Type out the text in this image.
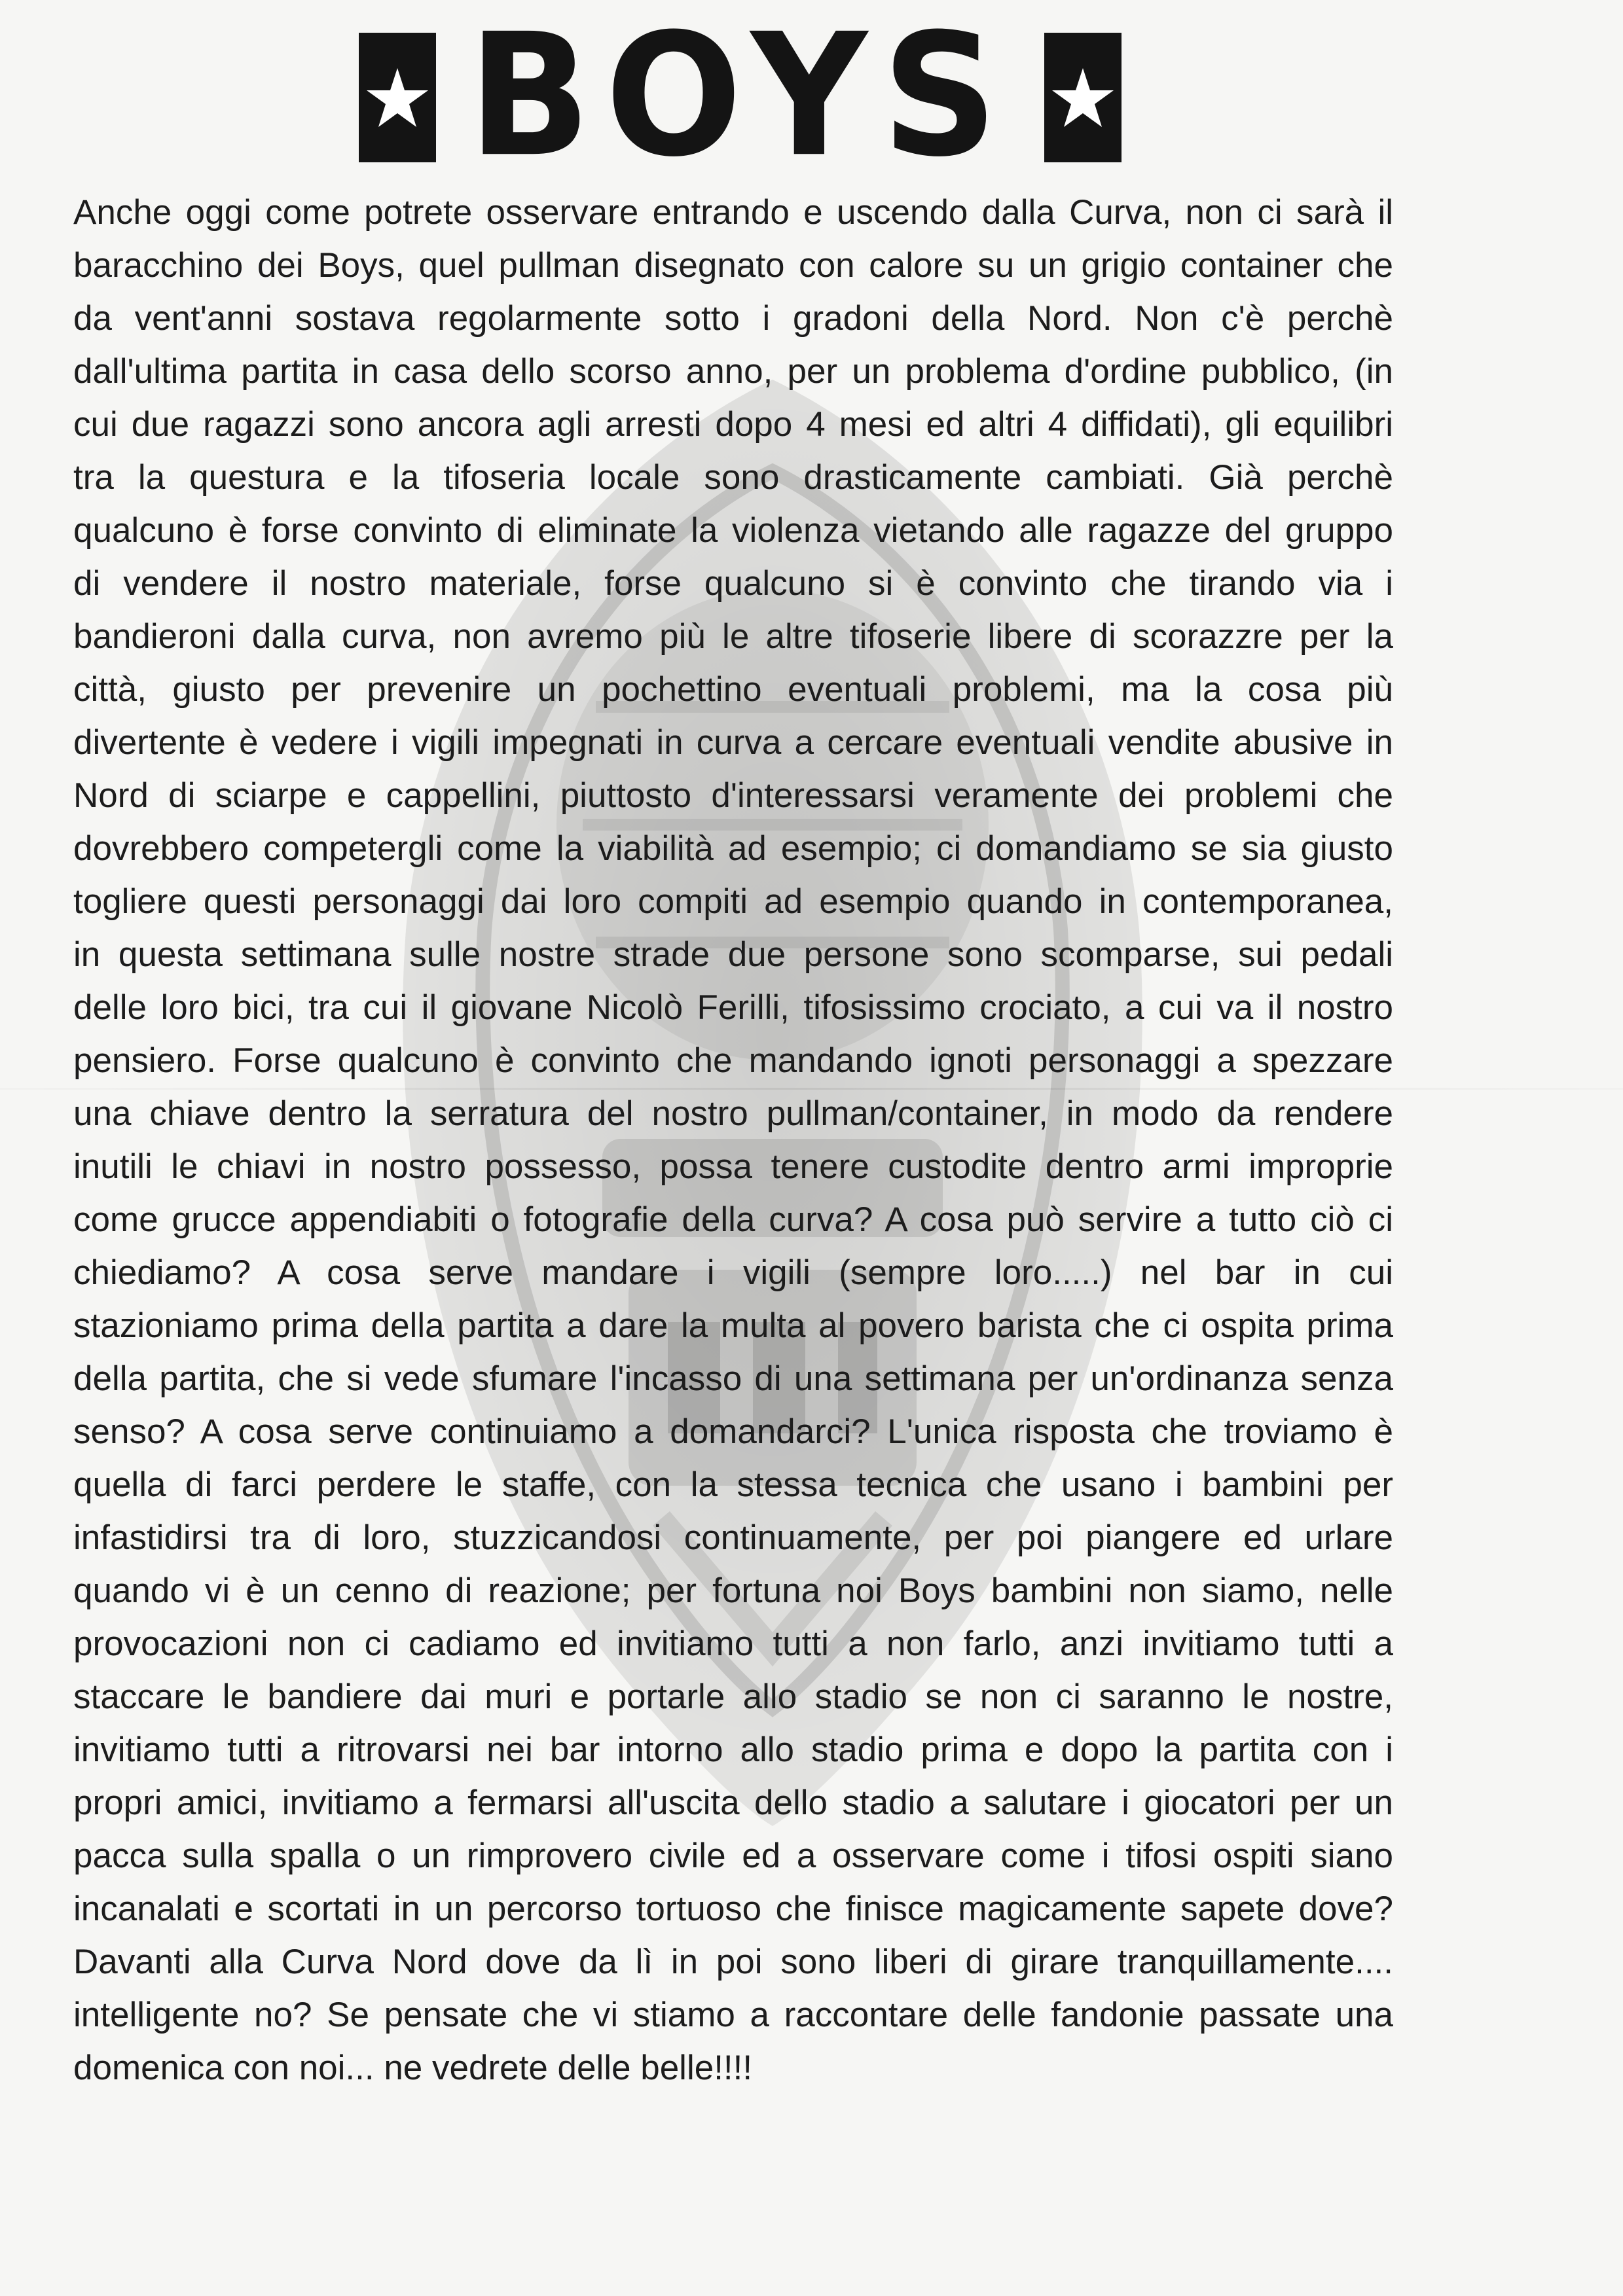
BOYS
Anche oggi come potrete osservare entrando e uscendo dalla Curva, non ci sarà il
baracchino dei Boys, quel pullman disegnato con calore su un grigio container che
da vent'anni sostava regolarmente sotto i gradoni della Nord. Non c'è perchè
dall'ultima partita in casa dello scorso anno, per un problema d'ordine pubblico, (in
cui due ragazzi sono ancora agli arresti dopo 4 mesi ed altri 4 diffidati), gli equilibri
tra la questura e la tifoseria locale sono drasticamente cambiati. Già perchè
qualcuno è forse convinto di eliminate la violenza vietando alle ragazze del gruppo
di vendere il nostro materiale, forse qualcuno si è convinto che tirando via i
bandieroni dalla curva, non avremo più le altre tifoserie libere di scorazzre per la
città, giusto per prevenire un pochettino eventuali problemi, ma la cosa più
divertente è vedere i vigili impegnati in curva a cercare eventuali vendite abusive in
Nord di sciarpe e cappellini, piuttosto d'interessarsi veramente dei problemi che
dovrebbero competergli come la viabilità ad esempio; ci domandiamo se sia giusto
togliere questi personaggi dai loro compiti ad esempio quando in contemporanea,
in questa settimana sulle nostre strade due persone sono scomparse, sui pedali
delle loro bici, tra cui il giovane Nicolò Ferilli, tifosissimo crociato, a cui va il nostro
pensiero. Forse qualcuno è convinto che mandando ignoti personaggi a spezzare
una chiave dentro la serratura del nostro pullman/container, in modo da rendere
inutili le chiavi in nostro possesso, possa tenere custodite dentro armi improprie
come grucce appendiabiti o fotografie della curva? A cosa può servire a tutto ciò ci
chiediamo? A cosa serve mandare i vigili (sempre loro.....) nel bar in cui
stazioniamo prima della partita a dare la multa al povero barista che ci ospita prima
della partita, che si vede sfumare l'incasso di una settimana per un'ordinanza senza
senso? A cosa serve continuiamo a domandarci? L'unica risposta che troviamo è
quella di farci perdere le staffe, con la stessa tecnica che usano i bambini per
infastidirsi tra di loro, stuzzicandosi continuamente, per poi piangere ed urlare
quando vi è un cenno di reazione; per fortuna noi Boys bambini non siamo, nelle
provocazioni non ci cadiamo ed invitiamo tutti a non farlo, anzi invitiamo tutti a
staccare le bandiere dai muri e portarle allo stadio se non ci saranno le nostre,
invitiamo tutti a ritrovarsi nei bar intorno allo stadio prima e dopo la partita con i
propri amici, invitiamo a fermarsi all'uscita dello stadio a salutare i giocatori per un
pacca sulla spalla o un rimprovero civile ed a osservare come i tifosi ospiti siano
incanalati e scortati in un percorso tortuoso che finisce magicamente sapete dove?
Davanti alla Curva Nord dove da lì in poi sono liberi di girare tranquillamente....
intelligente no? Se pensate che vi stiamo a raccontare delle fandonie passate una
domenica con noi... ne vedrete delle belle!!!!
